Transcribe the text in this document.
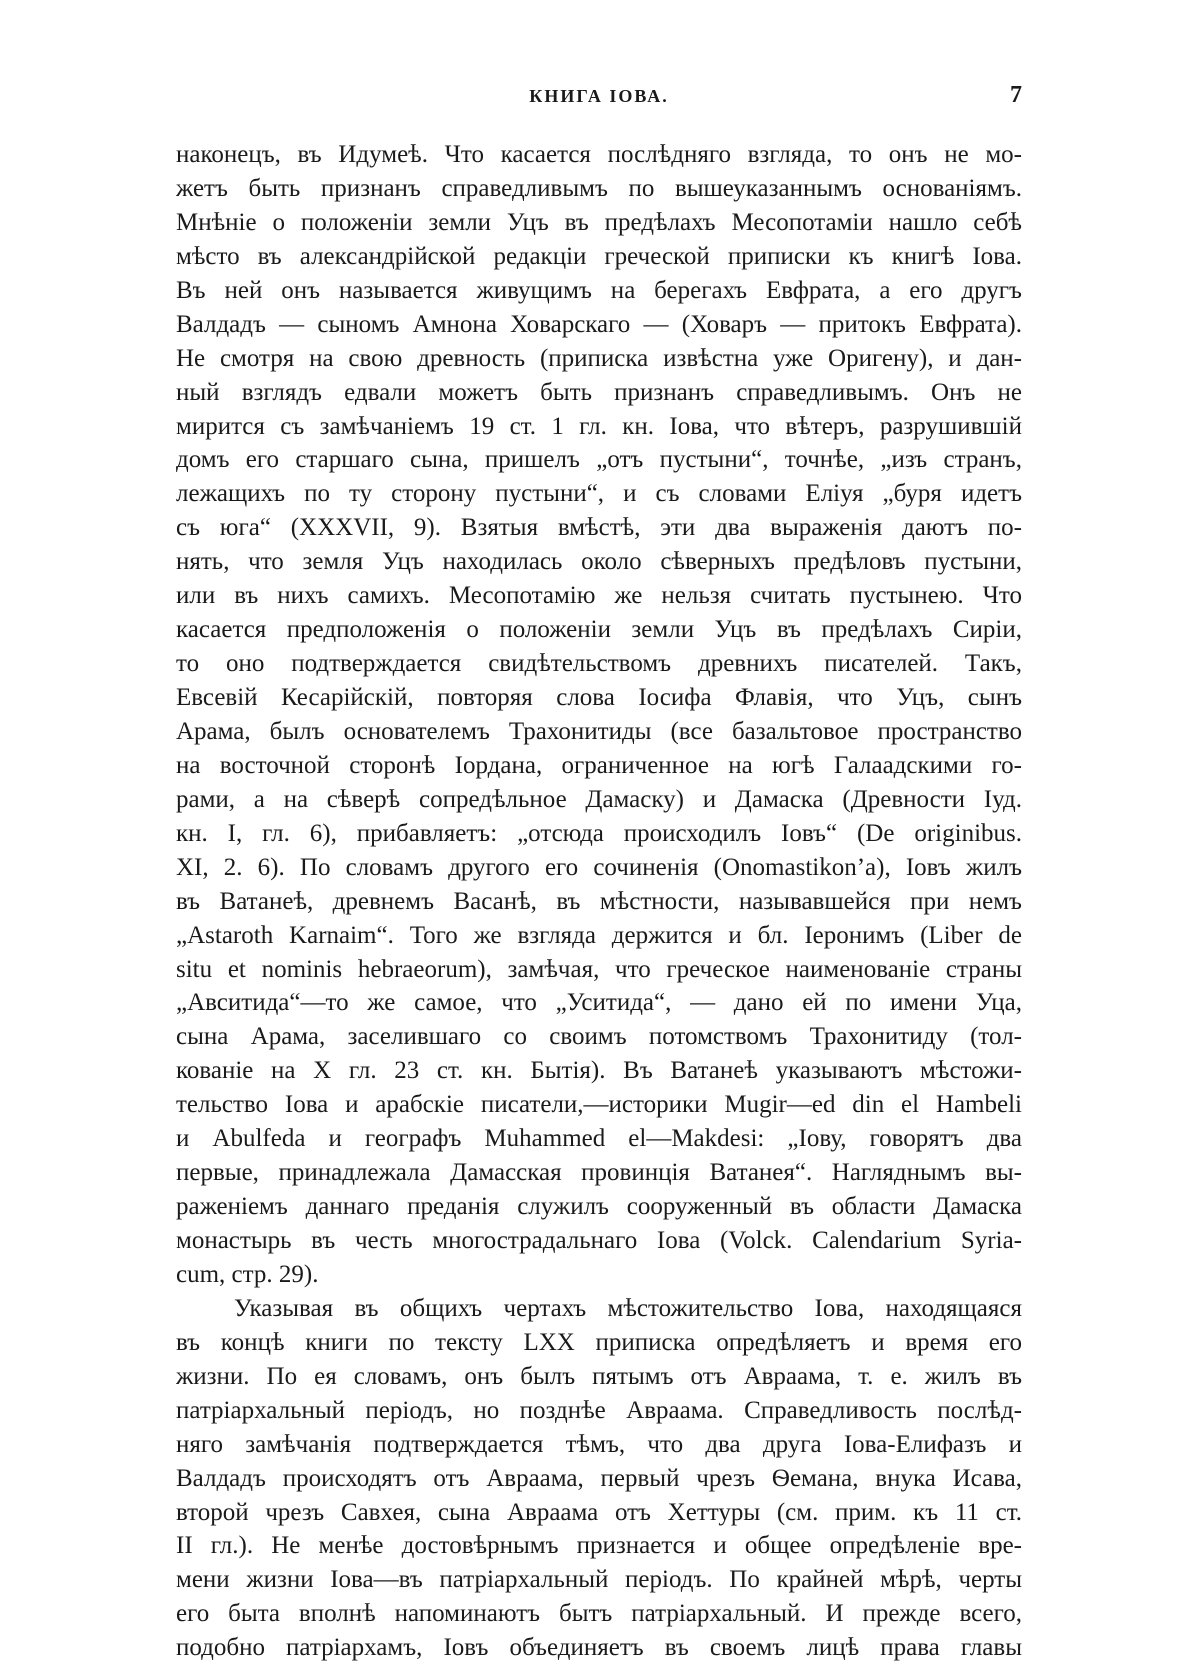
КНИГА ІОВА.	7
наконецъ, въ Идумеѣ. Что касается послѣдняго взгляда, то онъ не мо-
жетъ быть признанъ справедливымъ по вышеуказаннымъ основаніямъ.
Мнѣніе о положеніи земли Уцъ въ предѣлахъ Месопотаміи нашло себѣ
мѣсто въ александрійской редакціи греческой приписки къ книгѣ Іова.
Въ ней онъ называется живущимъ на берегахъ Евфрата, а его другъ
Валдадъ — сыномъ Амнона Ховарскаго — (Ховаръ — притокъ Евфрата).
Не смотря на свою древность (приписка извѣстна уже Оригену), и дан-
ный взглядъ едвали можетъ быть признанъ справедливымъ. Онъ не
мирится съ замѣчаніемъ 19 ст. 1 гл. кн. Іова, что вѣтеръ, разрушившій
домъ его старшаго сына, пришелъ „отъ пустыни“, точнѣе, „изъ странъ,
лежащихъ по ту сторону пустыни“, и съ словами Еліуя „буря идетъ
съ юга“ (XXXVII, 9). Взятыя вмѣстѣ, эти два выраженія даютъ по-
нять, что земля Уцъ находилась около сѣверныхъ предѣловъ пустыни,
или въ нихъ самихъ. Месопотамію же нельзя считать пустынею. Что
касается предположенія о положеніи земли Уцъ въ предѣлахъ Сиріи,
то оно подтверждается свидѣтельствомъ древнихъ писателей. Такъ,
Евсевій Кесарійскій, повторяя слова Іосифа Флавія, что Уцъ, сынъ
Арама, былъ основателемъ Трахонитиды (все базальтовое пространство
на восточной сторонѣ Іордана, ограниченное на югѣ Галаадскими го-
рами, а на сѣверѣ сопредѣльное Дамаску) и Дамаска (Древности Іуд.
кн. I, гл. 6), прибавляетъ: „отсюда происходилъ Іовъ“ (De originibus.
XI, 2. 6). По словамъ другого его сочиненія (Onomastikon’a), Іовъ жилъ
въ Ватанеѣ, древнемъ Васанѣ, въ мѣстности, называвшейся при немъ
„Astaroth Karnaim“. Того же взгляда держится и бл. Іеронимъ (Liber de
situ et nominis hebraeorum), замѣчая, что греческое наименованіе страны
„Авситида“—то же самое, что „Уситида“, — дано ей по имени Уца,
сына Арама, заселившаго со своимъ потомствомъ Трахонитиду (тол-
кованіе на X гл. 23 ст. кн. Бытія). Въ Ватанеѣ указываютъ мѣстожи-
тельство Іова и арабскіе писатели,—историки Mugir—ed din el Hambeli
и Abulfeda и географъ Muhammed el—Makdesi: „Іову, говорятъ два
первые, принадлежала Дамасская провинція Ватанея“. Нагляднымъ вы-
раженіемъ даннаго преданія служилъ сооруженный въ области Дамаска
монастырь въ честь многострадальнаго Іова (Volck. Calendarium Syria-
cum, стр. 29).
Указывая въ общихъ чертахъ мѣстожительство Іова, находящаяся
въ концѣ книги по тексту LXX приписка опредѣляетъ и время его
жизни. По ея словамъ, онъ былъ пятымъ отъ Авраама, т. е. жилъ въ
патріархальный періодъ, но позднѣе Авраама. Справедливость послѣд-
няго замѣчанія подтверждается тѣмъ, что два друга Іова-Елифазъ и
Валдадъ происходятъ отъ Авраама, первый чрезъ Ѳемана, внука Исава,
второй чрезъ Савхея, сына Авраама отъ Хеттуры (см. прим. къ 11 ст.
II гл.). Не менѣе достовѣрнымъ признается и общее опредѣленіе вре-
мени жизни Іова—въ патріархальный періодъ. По крайней мѣрѣ, черты
его быта вполнѣ напоминаютъ бытъ патріархальный. И прежде всего,
подобно патріархамъ, Іовъ объединяетъ въ своемъ лицѣ права главы
